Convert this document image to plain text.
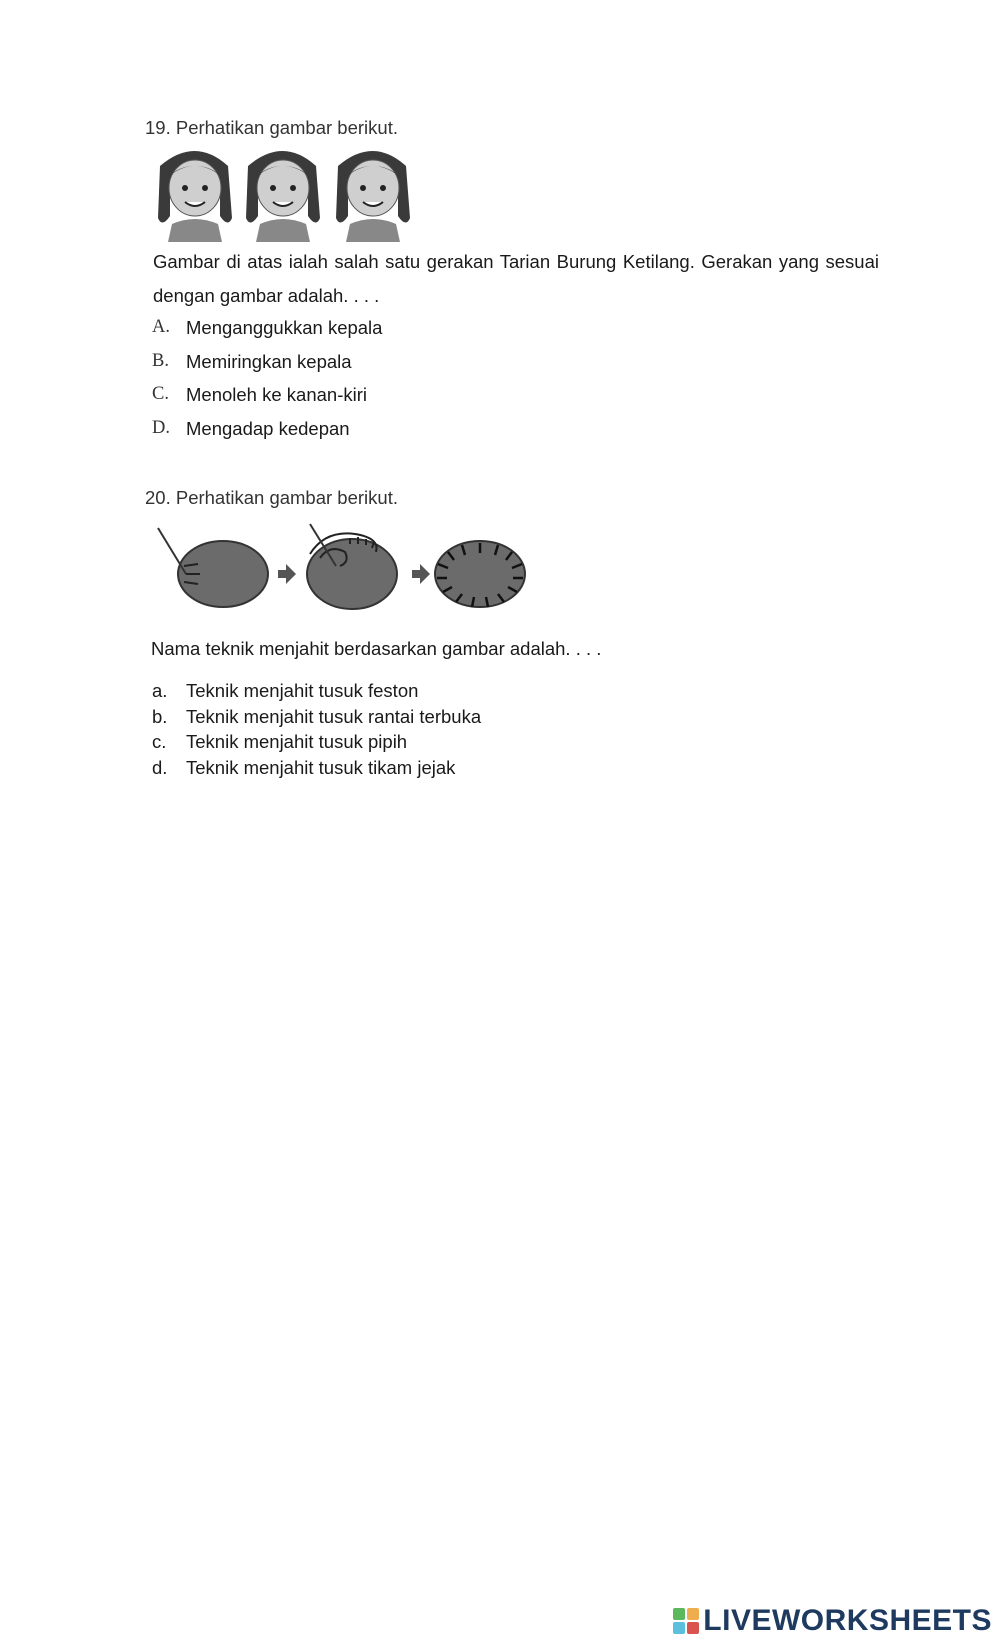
19. Perhatikan gambar berikut.
Gambar di atas ialah salah satu gerakan Tarian Burung Ketilang. Gerakan yang sesuai dengan gambar adalah. . . .
A. Menganggukkan kepala
B. Memiringkan kepala
C. Menoleh ke kanan-kiri
D. Mengadap kedepan
20. Perhatikan gambar berikut.
Nama teknik menjahit berdasarkan gambar adalah. . . .
a.	Teknik menjahit tusuk feston
b.	Teknik menjahit tusuk rantai terbuka
c.	Teknik menjahit tusuk pipih
d.	Teknik menjahit tusuk tikam jejak
LIVEWORKSHEETS
